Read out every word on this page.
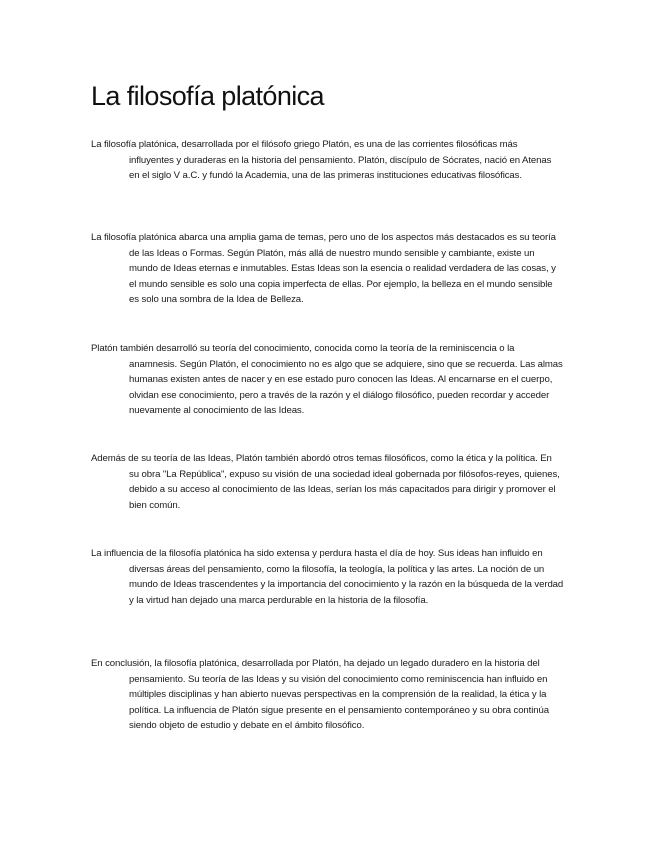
La filosofía platónica

La filosofía platónica, desarrollada por el filósofo griego Platón, es una de las corrientes filosóficas más influyentes y duraderas en la historia del pensamiento. Platón, discípulo de Sócrates, nació en Atenas en el siglo V a.C. y fundó la Academia, una de las primeras instituciones educativas filosóficas.

La filosofía platónica abarca una amplia gama de temas, pero uno de los aspectos más destacados es su teoría de las Ideas o Formas. Según Platón, más allá de nuestro mundo sensible y cambiante, existe un mundo de Ideas eternas e inmutables. Estas Ideas son la esencia o realidad verdadera de las cosas, y el mundo sensible es solo una copia imperfecta de ellas. Por ejemplo, la belleza en el mundo sensible es solo una sombra de la Idea de Belleza.

Platón también desarrolló su teoría del conocimiento, conocida como la teoría de la reminiscencia o la anamnesis. Según Platón, el conocimiento no es algo que se adquiere, sino que se recuerda. Las almas humanas existen antes de nacer y en ese estado puro conocen las Ideas. Al encarnarse en el cuerpo, olvidan ese conocimiento, pero a través de la razón y el diálogo filosófico, pueden recordar y acceder nuevamente al conocimiento de las Ideas.

Además de su teoría de las Ideas, Platón también abordó otros temas filosóficos, como la ética y la política. En su obra "La República", expuso su visión de una sociedad ideal gobernada por filósofos-reyes, quienes, debido a su acceso al conocimiento de las Ideas, serían los más capacitados para dirigir y promover el bien común.

La influencia de la filosofía platónica ha sido extensa y perdura hasta el día de hoy. Sus ideas han influido en diversas áreas del pensamiento, como la filosofía, la teología, la política y las artes. La noción de un mundo de Ideas trascendentes y la importancia del conocimiento y la razón en la búsqueda de la verdad y la virtud han dejado una marca perdurable en la historia de la filosofía.

En conclusión, la filosofía platónica, desarrollada por Platón, ha dejado un legado duradero en la historia del pensamiento. Su teoría de las Ideas y su visión del conocimiento como reminiscencia han influido en múltiples disciplinas y han abierto nuevas perspectivas en la comprensión de la realidad, la ética y la política. La influencia de Platón sigue presente en el pensamiento contemporáneo y su obra continúa siendo objeto de estudio y debate en el ámbito filosófico.
